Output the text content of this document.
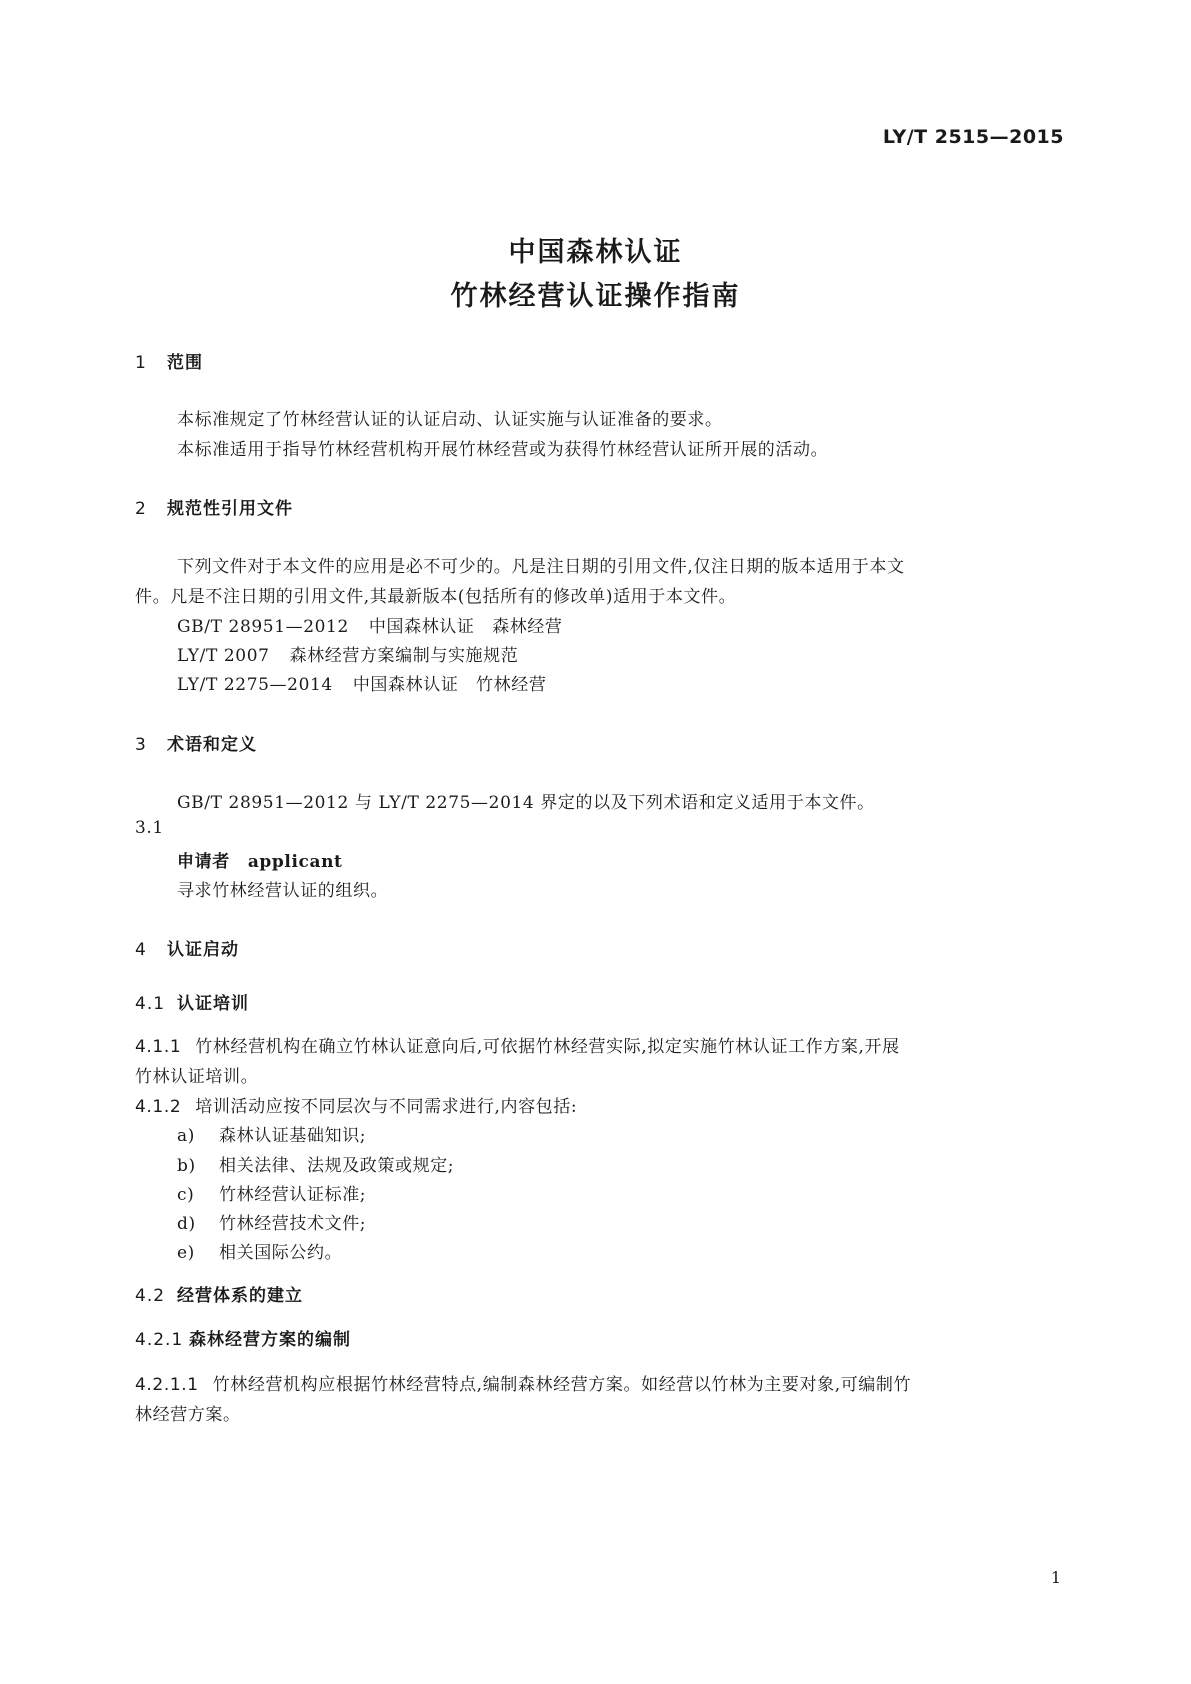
LY/T 2515—2015
中国森林认证
竹林经营认证操作指南
1 范围
本标准规定了竹林经营认证的认证启动、认证实施与认证准备的要求。
本标准适用于指导竹林经营机构开展竹林经营或为获得竹林经营认证所开展的活动。
2 规范性引用文件
下列文件对于本文件的应用是必不可少的。凡是注日期的引用文件,仅注日期的版本适用于本文
件。凡是不注日期的引用文件,其最新版本(包括所有的修改单)适用于本文件。
GB/T 28951—2012 中国森林认证　森林经营
LY/T 2007 森林经营方案编制与实施规范
LY/T 2275—2014 中国森林认证　竹林经营
3 术语和定义
GB/T 28951—2012 与 LY/T 2275—2014 界定的以及下列术语和定义适用于本文件。
3.1
申请者 applicant
寻求竹林经营认证的组织。
4 认证启动
4.1 认证培训
4.1.1 竹林经营机构在确立竹林认证意向后,可依据竹林经营实际,拟定实施竹林认证工作方案,开展
竹林认证培训。
4.1.2 培训活动应按不同层次与不同需求进行,内容包括:
a) 森林认证基础知识;
b) 相关法律、法规及政策或规定;
c) 竹林经营认证标准;
d) 竹林经营技术文件;
e) 相关国际公约。
4.2 经营体系的建立
4.2.1 森林经营方案的编制
4.2.1.1 竹林经营机构应根据竹林经营特点,编制森林经营方案。如经营以竹林为主要对象,可编制竹
林经营方案。
1
